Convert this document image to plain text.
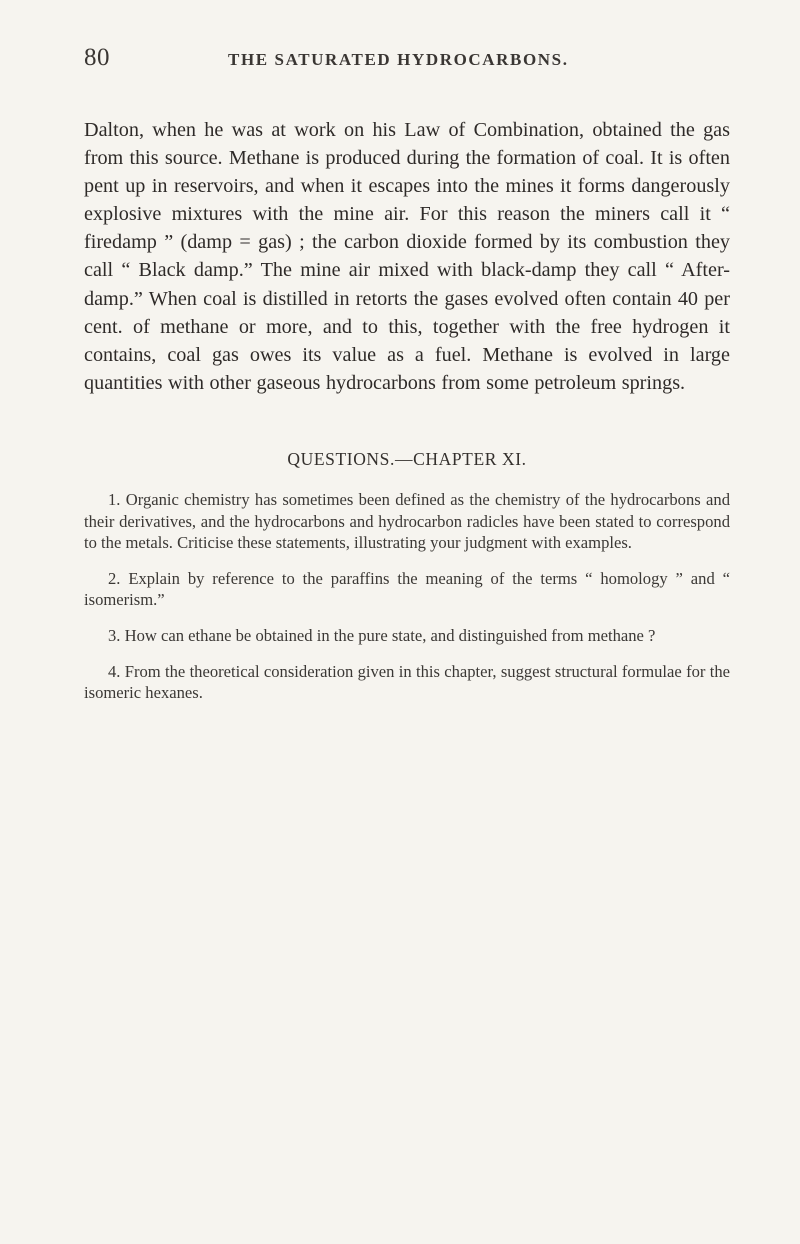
80	THE SATURATED HYDROCARBONS.

Dalton, when he was at work on his Law of Combination, obtained the gas from this source. Methane is produced during the formation of coal. It is often pent up in reservoirs, and when it escapes into the mines it forms dangerously explosive mixtures with the mine air. For this reason the miners call it “ firedamp ” (damp = gas) ; the carbon dioxide formed by its combustion they call “ Black damp.” The mine air mixed with black-damp they call “ After-damp.” When coal is distilled in retorts the gases evolved often contain 40 per cent. of methane or more, and to this, together with the free hydrogen it contains, coal gas owes its value as a fuel. Methane is evolved in large quantities with other gaseous hydrocarbons from some petroleum springs.

QUESTIONS.—CHAPTER XI.

1. Organic chemistry has sometimes been defined as the chemistry of the hydrocarbons and their derivatives, and the hydrocarbons and hydrocarbon radicles have been stated to correspond to the metals. Criticise these statements, illustrating your judgment with examples.

2. Explain by reference to the paraffins the meaning of the terms “ homology ” and “ isomerism.”

3. How can ethane be obtained in the pure state, and distinguished from methane ?

4. From the theoretical consideration given in this chapter, suggest structural formulae for the isomeric hexanes.
